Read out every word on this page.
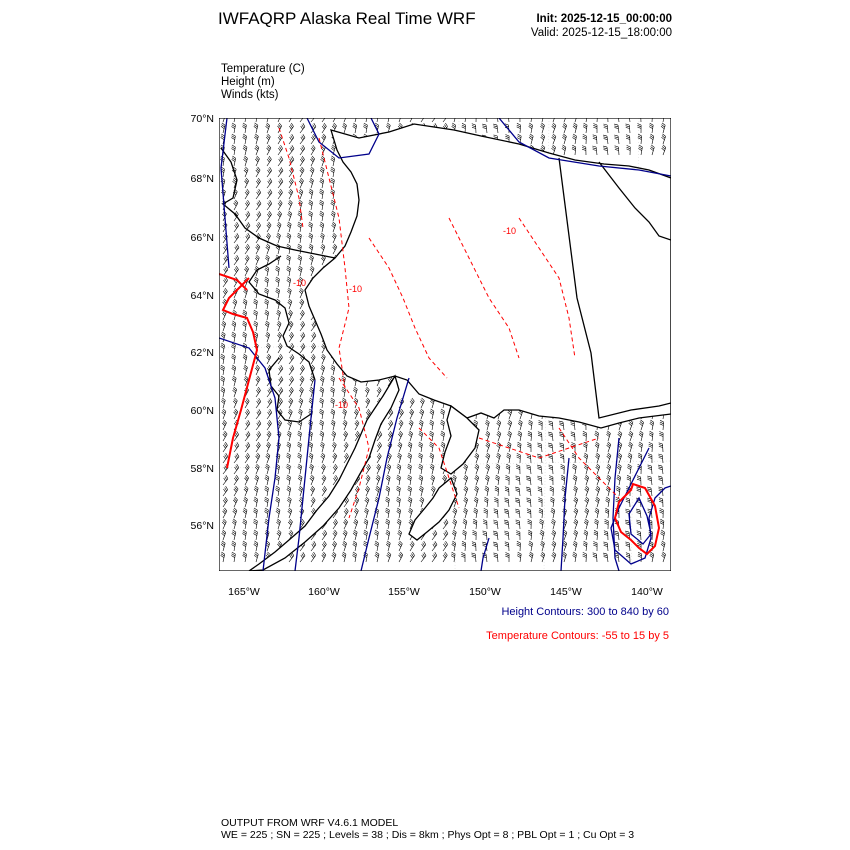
IWFAQRP Alaska Real Time WRF	Init: 2025-12-15_00:00:00
Valid: 2025-12-15_18:00:00
Temperature (C)
Height (m)
Winds (kts)
70°N
68°N
66°N
64°N
62°N
60°N
58°N
56°N
165°W	160°W	155°W	150°W	145°W	140°W
-10
-10
-10
-10
Height Contours: 300 to 840 by 60
Temperature Contours: -55 to 15 by 5
OUTPUT FROM WRF V4.6.1 MODEL
WE = 225 ; SN = 225 ; Levels = 38 ; Dis = 8km ; Phys Opt = 8 ; PBL Opt = 1 ; Cu Opt = 3
